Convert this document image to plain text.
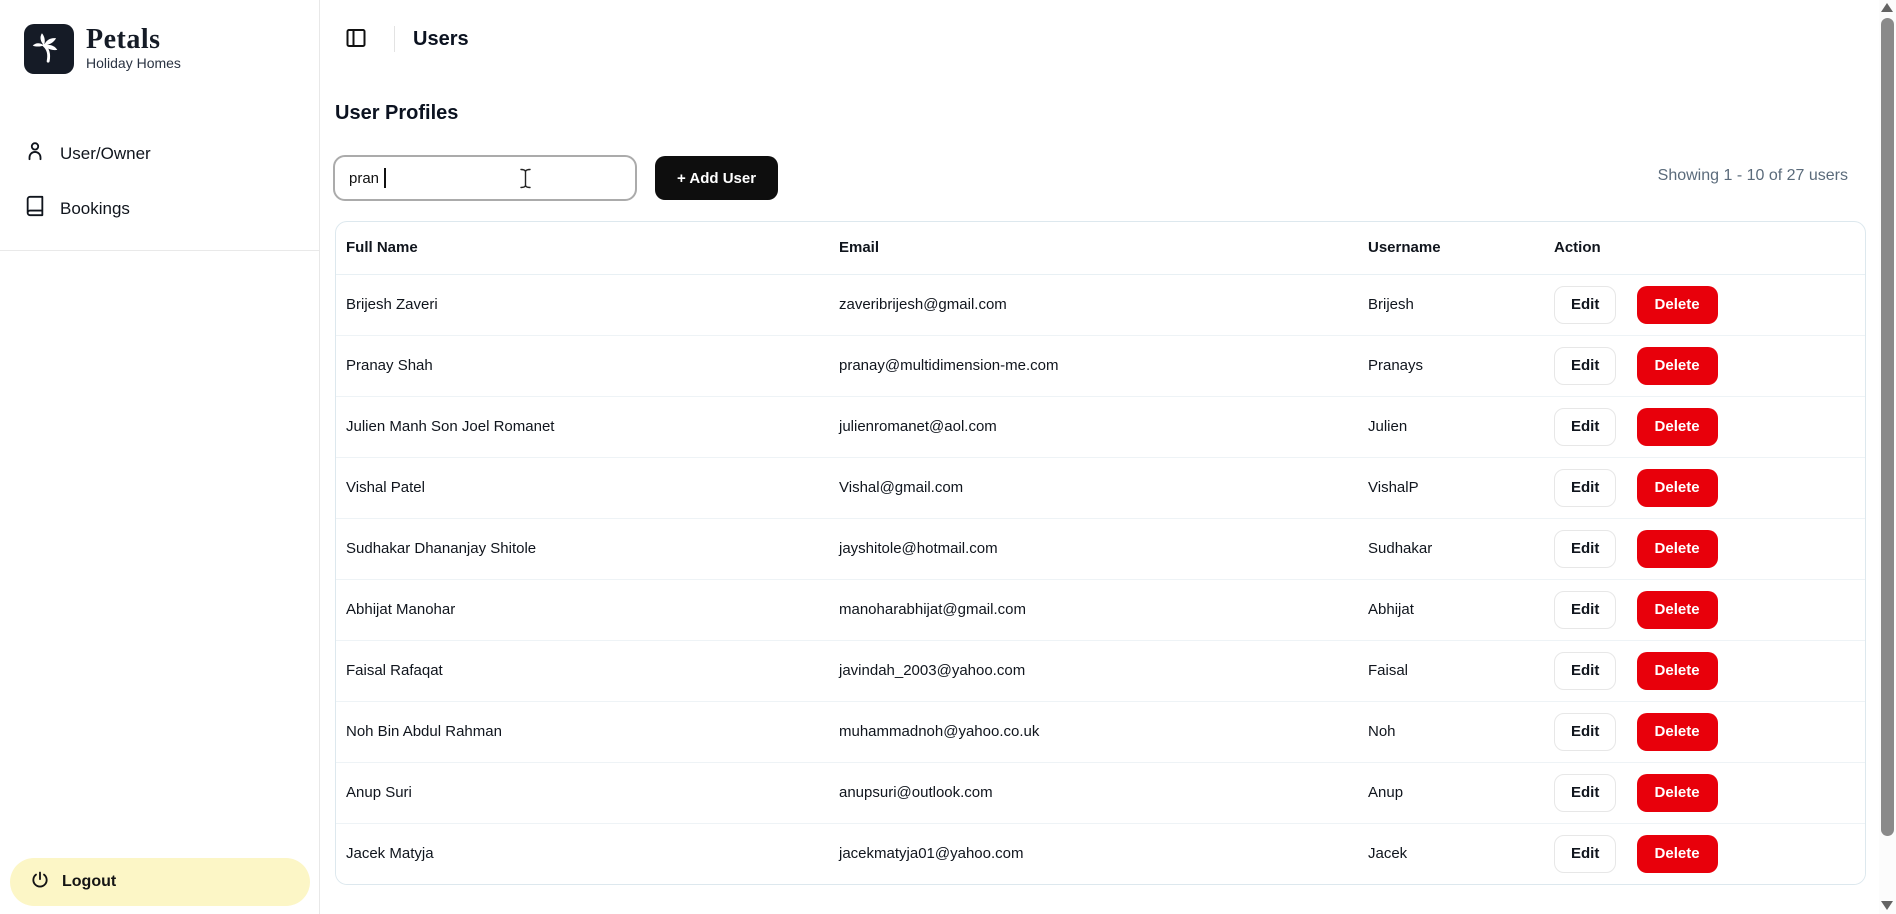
Petals
Holiday Homes
User/Owner
Bookings
Logout
Users
User Profiles
pran
+ Add User	Showing 1 - 10 of 27 users
Full Name	Email	Username	Action
Brijesh Zaveri	zaveribrijesh@gmail.com	Brijesh	Edit Delete
Pranay Shah	pranay@multidimension-me.com	Pranays	Edit Delete
Julien Manh Son Joel Romanet	julienromanet@aol.com	Julien	Edit Delete
Vishal Patel	Vishal@gmail.com	VishalP	Edit Delete
Sudhakar Dhananjay Shitole	jayshitole@hotmail.com	Sudhakar	Edit Delete
Abhijat Manohar	manoharabhijat@gmail.com	Abhijat	Edit Delete
Faisal Rafaqat	javindah_2003@yahoo.com	Faisal	Edit Delete
Noh Bin Abdul Rahman	muhammadnoh@yahoo.co.uk	Noh	Edit Delete
Anup Suri	anupsuri@outlook.com	Anup	Edit Delete
Jacek Matyja	jacekmatyja01@yahoo.com	Jacek	Edit Delete
